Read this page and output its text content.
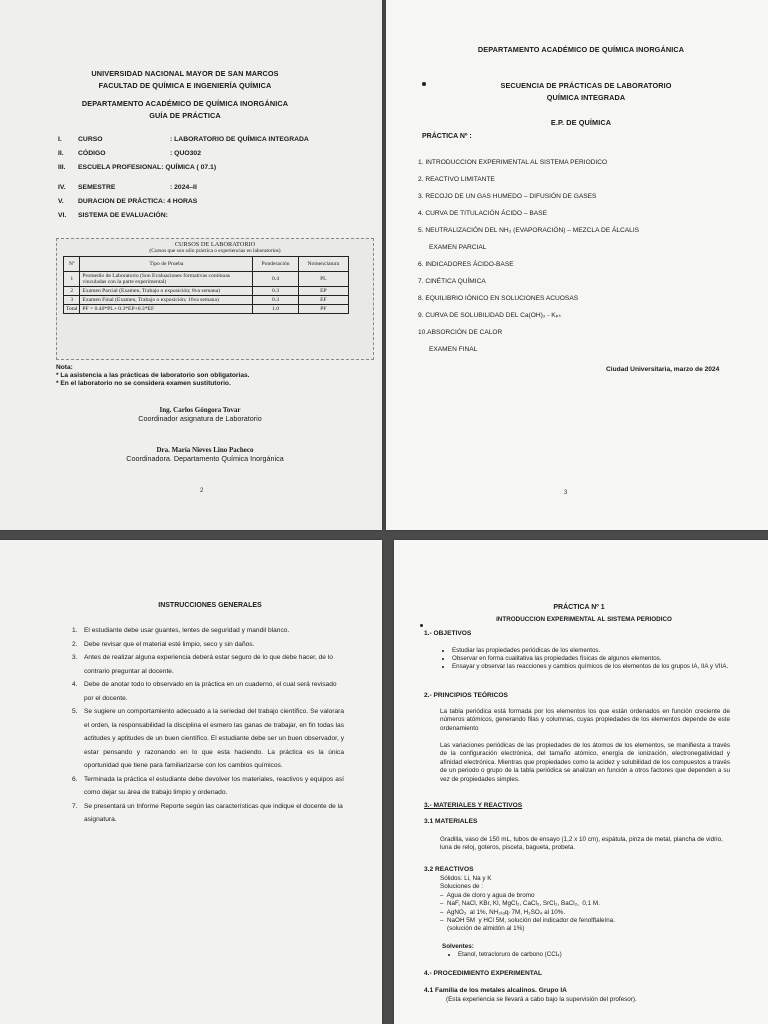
UNIVERSIDAD NACIONAL MAYOR DE SAN MARCOS
FACULTAD DE QUÍMICA E INGENIERÍA QUÍMICA
DEPARTAMENTO ACADÉMICO DE QUÍMICA INORGÁNICA
GUÍA DE PRÁCTICA
I.	CURSO	: LABORATORIO DE QUÍMICA INTEGRADA
II.	CÓDIGO	: QUO302
III.	ESCUELA PROFESIONAL: QUÍMICA ( 07.1)
IV.	SEMESTRE	: 2024–II
V.	DURACION DE PRÁCTICA: 4 HORAS
VI.	SISTEMA DE EVALUACIÓN:
CURSOS DE LABORATORIO
(Cursos que son sólo práctica o experiencias en laboratorios)
Nº	Tipo de Prueba	Ponderación	Nomenclatura
1	Promedio de Laboratorio (Son Evaluaciones formativas continuas vinculadas con la parte experimental)	0.4	PL
2	Examen Parcial (Examen, Trabajo o exposición; 8va semana)	0.3	EP
3	Examen Final (Examen, Trabajo o exposición; 16va semana)	0.3	EF
Total	PF = 0.40*PL+ 0.3*EP+0.3*EF	1.0	PF
Nota:
* La asistencia a las prácticas de laboratorio son obligatorias.
* En el laboratorio no se considera examen sustitutorio.
Ing. Carlos Góngora Tovar
Coordinador asignatura de Laboratorio
Dra. María Nieves Lino Pacheco
Coordinadora. Departamento Química Inorgánica
2
DEPARTAMENTO ACADÉMICO DE QUÍMICA INORGÁNICA
SECUENCIA DE PRÁCTICAS DE LABORATORIO
QUÍMICA INTEGRADA
E.P. DE QUÍMICA
PRÁCTICA Nº :
1. INTRODUCCION EXPERIMENTAL AL SISTEMA PERIODICO
2. REACTIVO LIMITANTE
3. RECOJO DE UN GAS HUMEDO – DIFUSIÓN DE GASES
4. CURVA DE TITULACIÓN ÁCIDO – BASE
5. NEUTRALIZACIÓN DEL NH₃ (EVAPORACIÓN) – MEZCLA DE ÁLCALIS
EXAMEN PARCIAL
6. INDICADORES ÁCIDO-BASE
7. CINÉTICA QUÍMICA
8. EQUILIBRIO IÓNICO EN SOLUCIONES ACUOSAS
9. CURVA DE SOLUBILIDAD DEL Ca(OH)₂ - Kₚₛ
10.ABSORCIÓN DE CALOR
EXAMEN FINAL
Ciudad Universitaria, marzo de 2024
3
INSTRUCCIONES GENERALES
1. El estudiante debe usar guantes, lentes de seguridad y mandil blanco.
2. Debe revisar que el material esté limpio, seco y sin daños.
3. Antes de realizar alguna experiencia deberá estar seguro de lo que debe hacer, de lo contrario preguntar al docente.
4. Debe de anotar todo lo observado en la práctica en un cuaderno, el cual será revisado por el docente.
5. Se sugiere un comportamiento adecuado a la seriedad del trabajo científico. Se valorara el orden, la responsabilidad la disciplina el esmero las ganas de trabajar, en fin todas las actitudes y aptitudes de un buen científico. El estudiante debe ser un buen observador, y estar pensando y razonando en lo que esta haciendo. La práctica es la única oportunidad que tiene para familiarizarse con los cambios químicos.
6. Terminada la práctica el estudiante debe devolver los materiales, reactivos y equipos así como dejar su área de trabajo limpio y ordenado.
7. Se presentará un Informe Reporte según las características que indique el docente de la asignatura.
PRÁCTICA Nº 1
INTRODUCCION EXPERIMENTAL AL SISTEMA PERIODICO
1.- OBJETIVOS
• Estudiar las propiedades periódicas de los elementos.
• Observar en forma cualitativa las propiedades físicas de algunos elementos.
• Ensayar y observar las reacciones y cambios químicos de los elementos de los grupos IA, IIA y VIIA.
2.- PRINCIPIOS TEÓRICOS
La tabla periódica está formada por los elementos los que están ordenados en función creciente de números atómicos, generando filas y columnas, cuyas propiedades de los elementos depende de este ordenamiento
Las variaciones periódicas de las propiedades de los átomos de los elementos, se manifiesta a través de la configuración electrónica, del tamaño atómico, energía de ionización, electronegatividad y afinidad electrónica. Mientras que propiedades como la acidez y solubilidad de los compuestos a través de un periodo o grupo de la tabla periódica se analizan en función a otros factores que dependen a su vez de propiedades simples.
3.- MATERIALES Y REACTIVOS
3.1 MATERIALES
Gradilla, vaso de 150 mL, tubos de ensayo (1,2 x 10 cm), espátula, pinza de metal, plancha de vidrio, luna de reloj, goteros, pisceta, bagueta, probeta.
3.2 REACTIVOS
Sólidos: Li, Na y K
Soluciones de :
–  Agua de cloro y agua de bromo
–  NaF, NaCl, KBr, KI, MgCl₂, CaCl₂, SrCl₂, BaCl₂,  0,1 M.
–  AgNO₃  al 1%, NH₃₍ₐq₎ 7M, H₂SO₄ al 10%.
–  NaOH 5M  y HCl 5M, solución del indicador de fenolftaleína.
(solución de almidón al 1%)
Solventes:
• Etanol, tetracloruro de carbono (CCl₄)
4.- PROCEDIMIENTO EXPERIMENTAL
4.1 Familia de los metales alcalinos. Grupo IA
(Esta experiencia se llevará a cabo bajo la supervisión del profesor).
